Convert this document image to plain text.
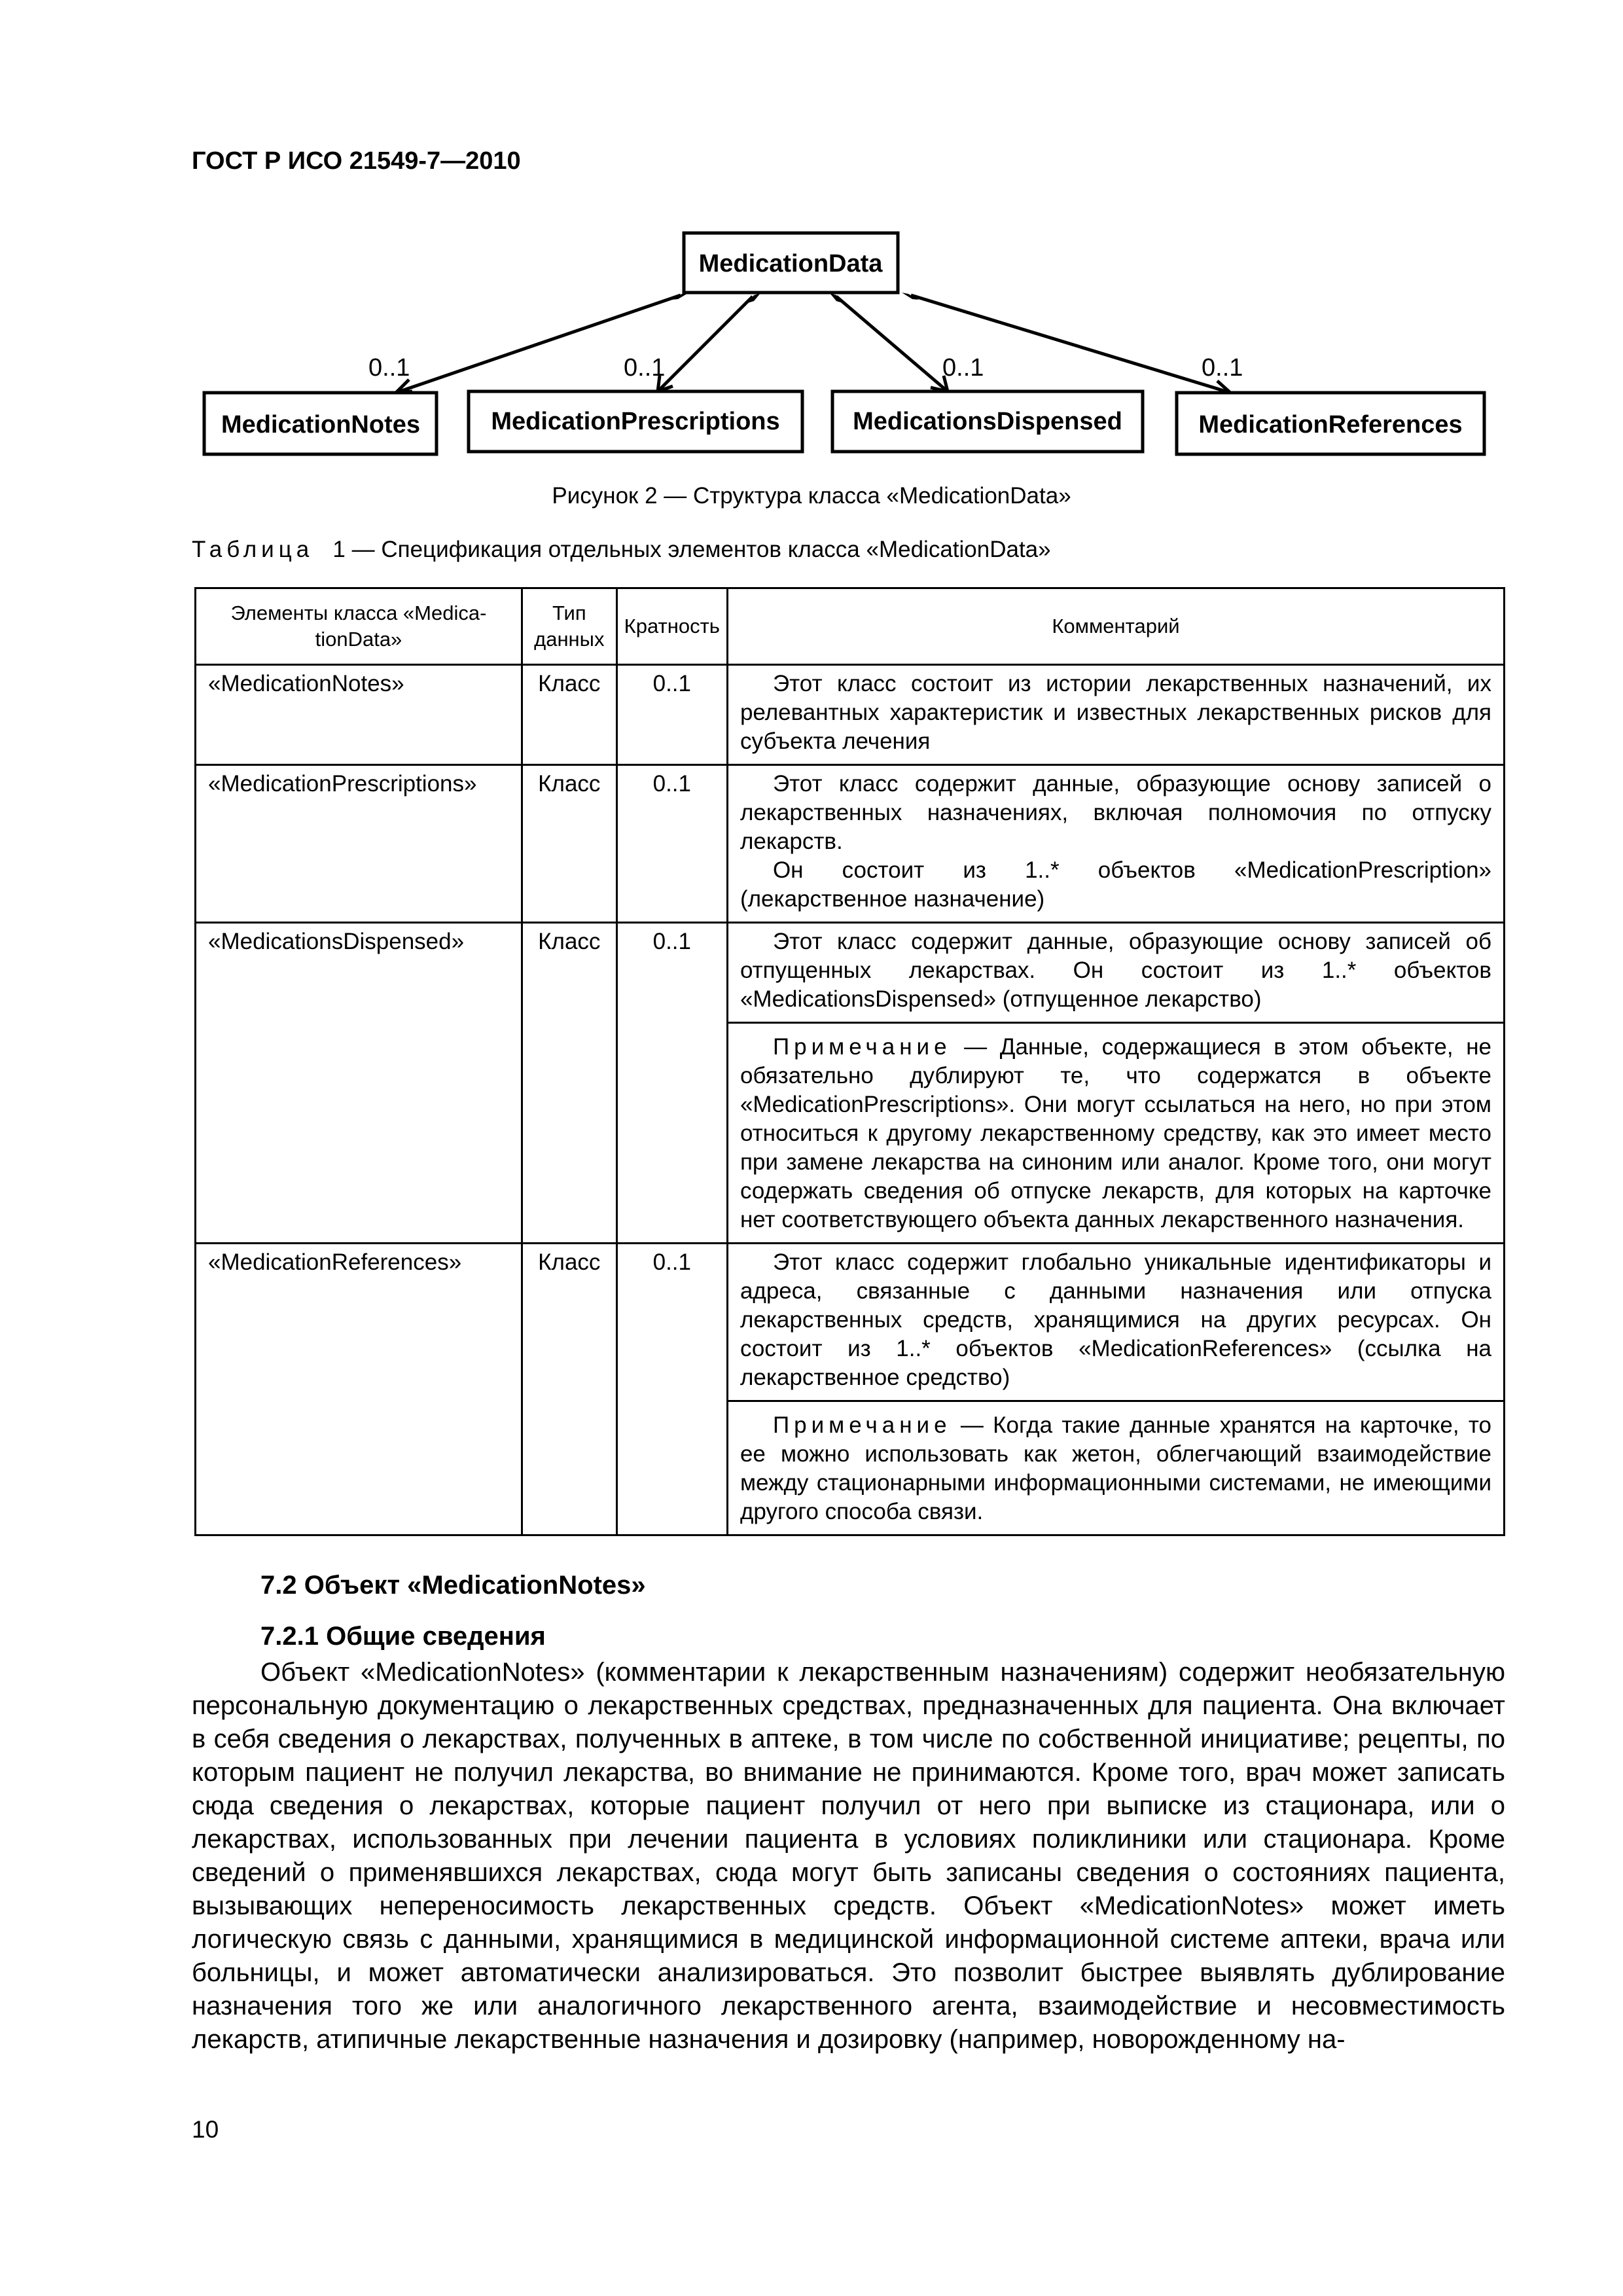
ГОСТ Р ИСО 21549-7—2010
MedicationData
0..1	0..1	0..1	0..1
MedicationNotes	MedicationPrescriptions	MedicationsDispensed	MedicationReferences
Рисунок 2 — Структура класса «MedicationData»
Таблица 1 — Спецификация отдельных элементов класса «MedicationData»
Элементы класса «Medica- tionData»	Тип данных	Кратность	Комментарий
«MedicationNotes»	Класс	0..1	Этот класс состоит из истории лекарственных назначений, их релевантных характеристик и известных лекарственных рисков для субъекта лечения

«MedicationPrescriptions»	Класс	0..1	Этот класс содержит данные, образующие основу записей о лекарственных назначениях, включая полномочия по отпуску лекарств.

Он состоит из 1..* объектов «MedicationPrescription» (лекарственное назначение)

«MedicationsDispensed»	Класс	0..1	Этот класс содержит данные, образующие основу записей об отпущенных лекарствах. Он состоит из 1..* объектов «MedicationsDispensed» (отпущенное лекарство)

Примечание — Данные, содержащиеся в этом объекте, не обязательно дублируют те, что содержатся в объекте «MedicationPrescriptions». Они могут ссылаться на него, но при этом относиться к другому лекарственному средству, как это имеет место при замене лекарства на синоним или аналог. Кроме того, они могут содержать сведения об отпуске лекарств, для которых на карточке нет соответствующего объекта данных лекарственного назначения.

«MedicationReferences»	Класс	0..1	Этот класс содержит глобально уникальные идентификаторы и адреса, связанные с данными назначения или отпуска лекарственных средств, хранящимися на других ресурсах. Он состоит из 1..* объектов «MedicationReferences» (ссылка на лекарственное средство)

Примечание — Когда такие данные хранятся на карточке, то ее можно использовать как жетон, облегчающий взаимодействие между стационарными информационными системами, не имеющими другого способа связи.

7.2 Объект «MedicationNotes»
7.2.1 Общие сведения

Объект «MedicationNotes» (комментарии к лекарственным назначениям) содержит необязательную персональную документацию о лекарственных средствах, предназначенных для пациента. Она включает в себя сведения о лекарствах, полученных в аптеке, в том числе по собственной инициативе; рецепты, по которым пациент не получил лекарства, во внимание не принимаются. Кроме того, врач может записать сюда сведения о лекарствах, которые пациент получил от него при выписке из стационара, или о лекарствах, использованных при лечении пациента в условиях поликлиники или стационара. Кроме сведений о применявшихся лекарствах, сюда могут быть записаны сведения о состояниях пациента, вызывающих непереносимость лекарственных средств. Объект «MedicationNotes» может иметь логическую связь с данными, хранящимися в медицинской информационной системе аптеки, врача или больницы, и может автоматически анализироваться. Это позволит быстрее выявлять дублирование назначения того же или аналогичного лекарственного агента, взаимодействие и несовместимость лекарств, атипичные лекарственные назначения и дозировку (например, новорожденному на-

10
